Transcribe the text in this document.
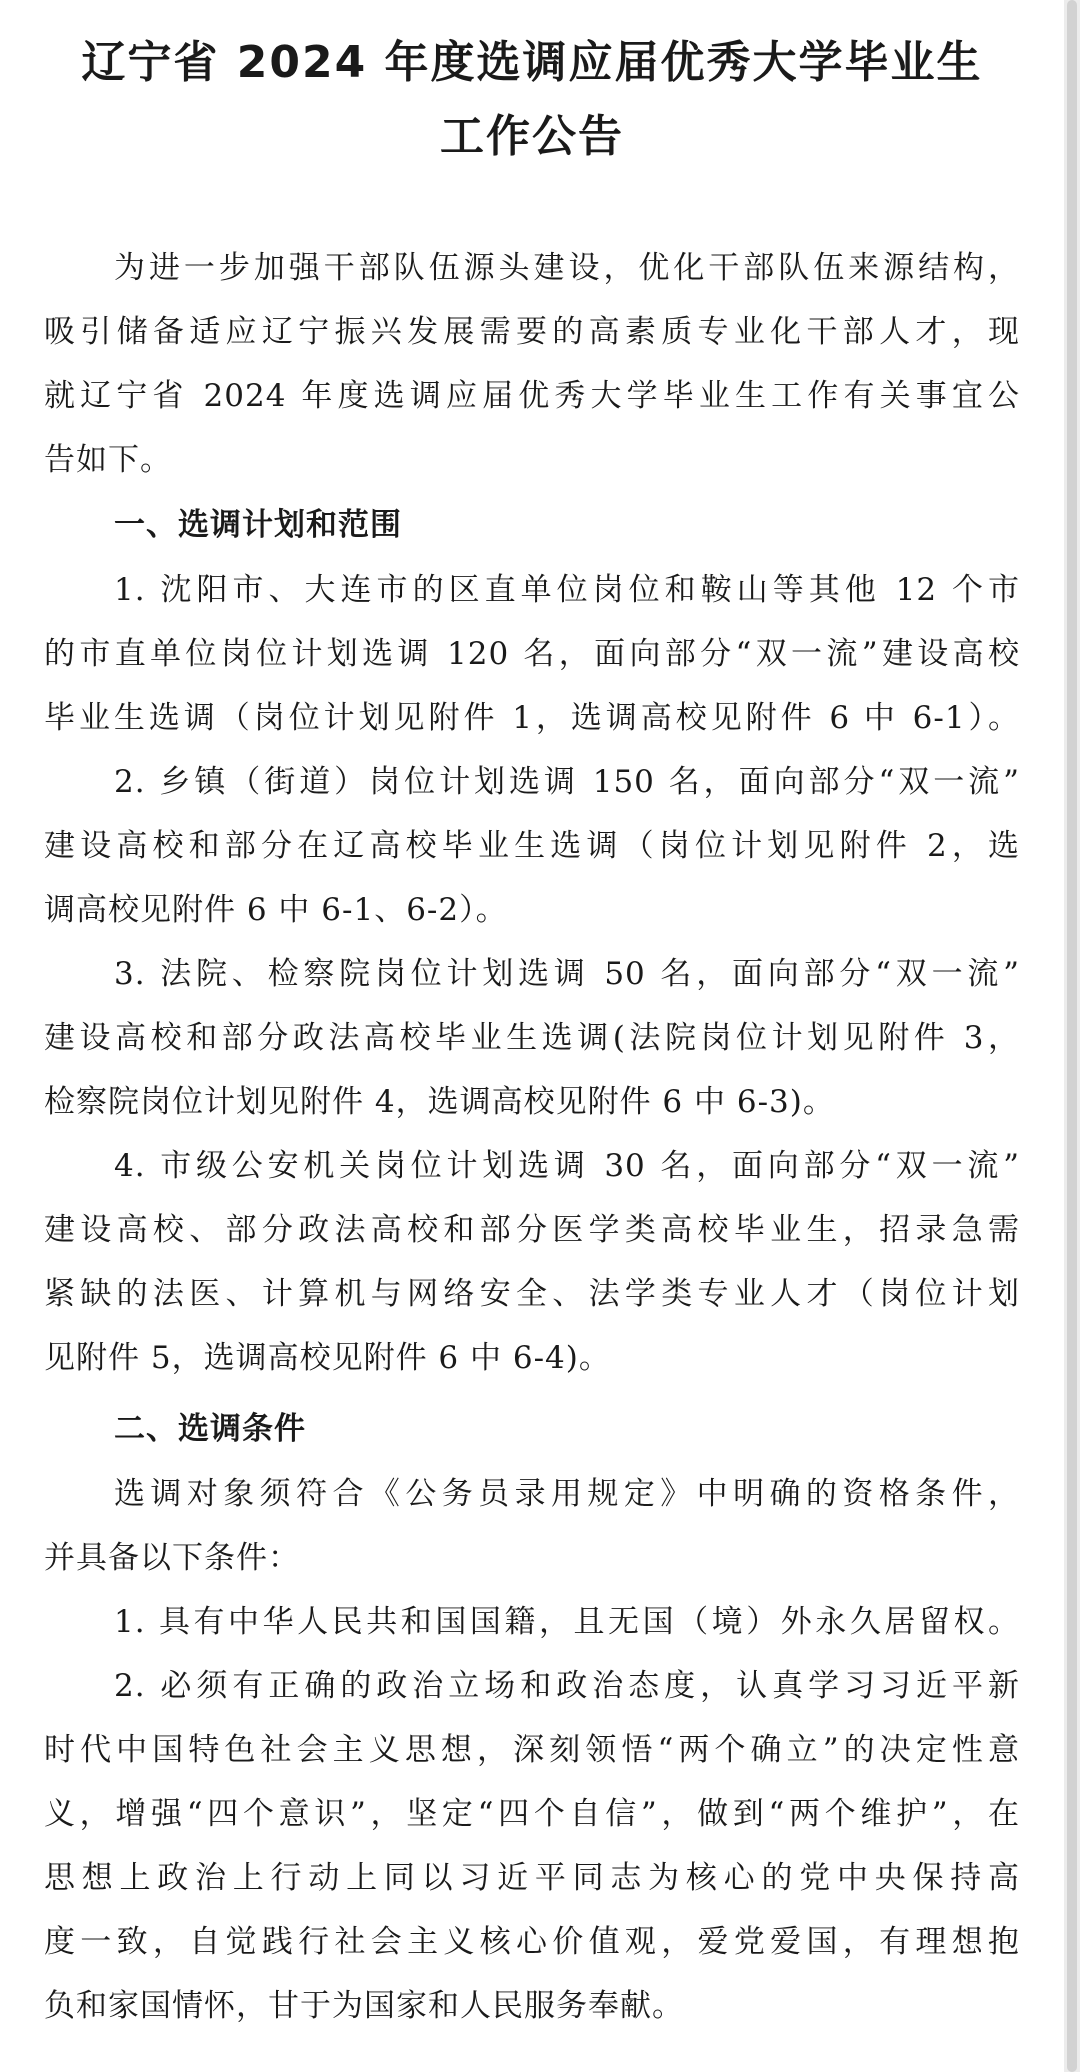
辽宁省 2024 年度选调应届优秀大学毕业生
工作公告
为进一步加强干部队伍源头建设，优化干部队伍来源结构，
吸引储备适应辽宁振兴发展需要的高素质专业化干部人才，现
就辽宁省 2024 年度选调应届优秀大学毕业生工作有关事宜公
告如下。
一、选调计划和范围
1. 沈阳市、大连市的区直单位岗位和鞍山等其他 12 个市
的市直单位岗位计划选调 120 名，面向部分“双一流”建设高校
毕业生选调（岗位计划见附件 1，选调高校见附件 6 中 6-1）。
2. 乡镇（街道）岗位计划选调 150 名，面向部分“双一流”
建设高校和部分在辽高校毕业生选调（岗位计划见附件 2，选
调高校见附件 6 中 6-1、6-2）。
3. 法院、检察院岗位计划选调 50 名，面向部分“双一流”
建设高校和部分政法高校毕业生选调(法院岗位计划见附件 3，
检察院岗位计划见附件 4，选调高校见附件 6 中 6-3)。
4. 市级公安机关岗位计划选调 30 名，面向部分“双一流”
建设高校、部分政法高校和部分医学类高校毕业生，招录急需
紧缺的法医、计算机与网络安全、法学类专业人才（岗位计划
见附件 5，选调高校见附件 6 中 6-4)。
二、选调条件
选调对象须符合《公务员录用规定》中明确的资格条件，
并具备以下条件：
1. 具有中华人民共和国国籍，且无国（境）外永久居留权。
2. 必须有正确的政治立场和政治态度，认真学习习近平新
时代中国特色社会主义思想，深刻领悟“两个确立”的决定性意
义，增强“四个意识”，坚定“四个自信”，做到“两个维护”，在
思想上政治上行动上同以习近平同志为核心的党中央保持高
度一致，自觉践行社会主义核心价值观，爱党爱国，有理想抱
负和家国情怀，甘于为国家和人民服务奉献。
